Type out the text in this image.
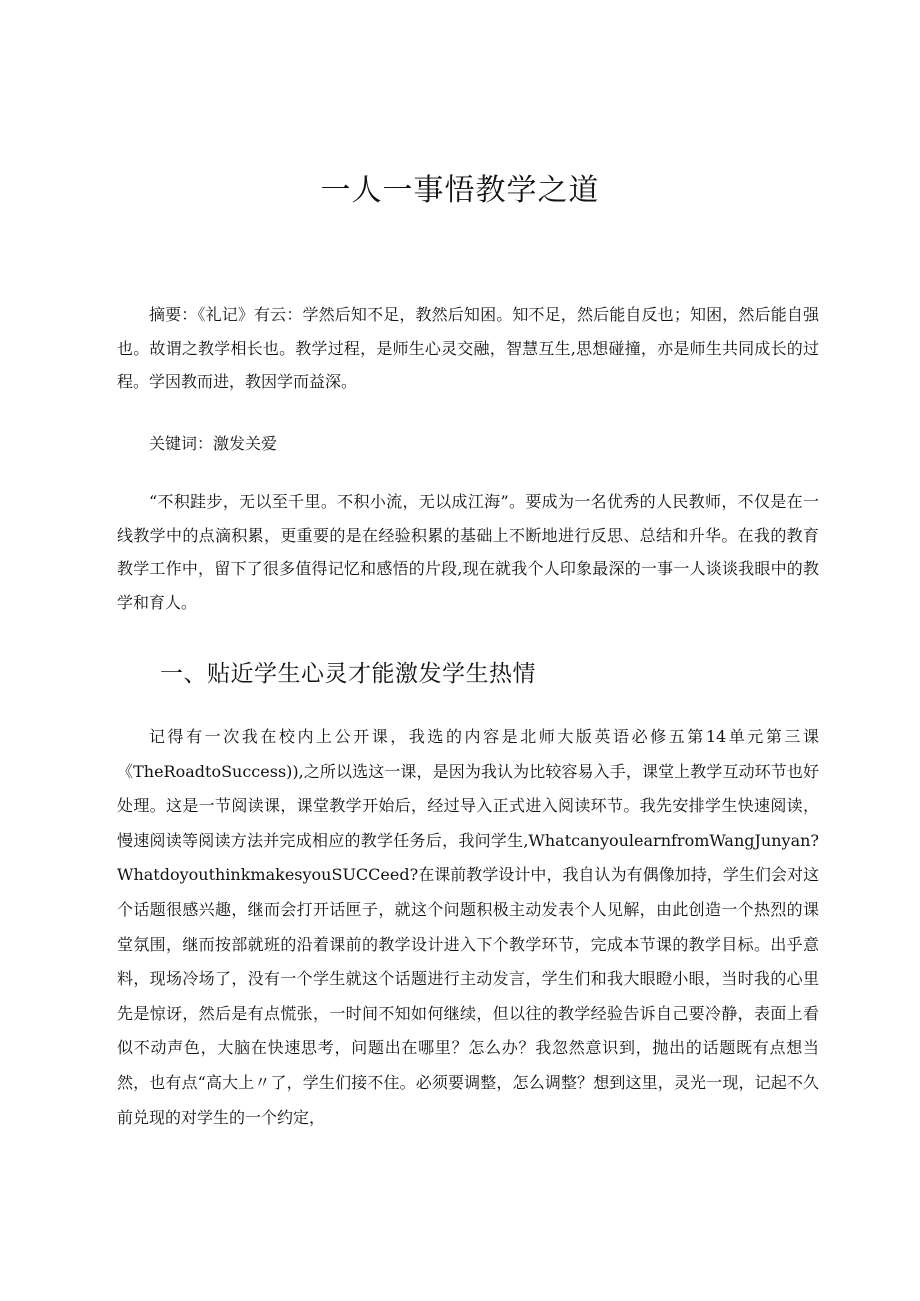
一人一事悟教学之道

摘要：《礼记》有云：学然后知不足，教然后知困。知不足，然后能自反也；知困，然后能自强也。故谓之教学相长也。教学过程，是师生心灵交融，智慧互生,思想碰撞，亦是师生共同成长的过程。学因教而进，教因学而益深。

关键词：激发关爱

“不积跬步，无以至千里。不积小流，无以成江海”。要成为一名优秀的人民教师，不仅是在一线教学中的点滴积累，更重要的是在经验积累的基础上不断地进行反思、总结和升华。在我的教育教学工作中，留下了很多值得记忆和感悟的片段,现在就我个人印象最深的一事一人谈谈我眼中的教学和育人。

一、贴近学生心灵才能激发学生热情

记得有一次我在校内上公开课，我选的内容是北师大版英语必修五第14单元第三课《TheRoadtoSuccess)),之所以选这一课，是因为我认为比较容易入手，课堂上教学互动环节也好处理。这是一节阅读课，课堂教学开始后，经过导入正式进入阅读环节。我先安排学生快速阅读，慢速阅读等阅读方法并完成相应的教学任务后，我问学生,WhatcanyoulearnfromWangJunyan?WhatdoyouthinkmakesyouSUCCeed?在课前教学设计中，我自认为有偶像加持，学生们会对这个话题很感兴趣，继而会打开话匣子，就这个问题积极主动发表个人见解，由此创造一个热烈的课堂氛围，继而按部就班的沿着课前的教学设计进入下个教学环节，完成本节课的教学目标。出乎意料，现场冷场了，没有一个学生就这个话题进行主动发言，学生们和我大眼瞪小眼，当时我的心里先是惊讶，然后是有点慌张，一时间不知如何继续，但以往的教学经验告诉自己要冷静，表面上看似不动声色，大脑在快速思考，问题出在哪里？怎么办？我忽然意识到，抛出的话题既有点想当然，也有点“高大上〃了，学生们接不住。必须要调整，怎么调整？想到这里，灵光一现，记起不久前兑现的对学生的一个约定，
